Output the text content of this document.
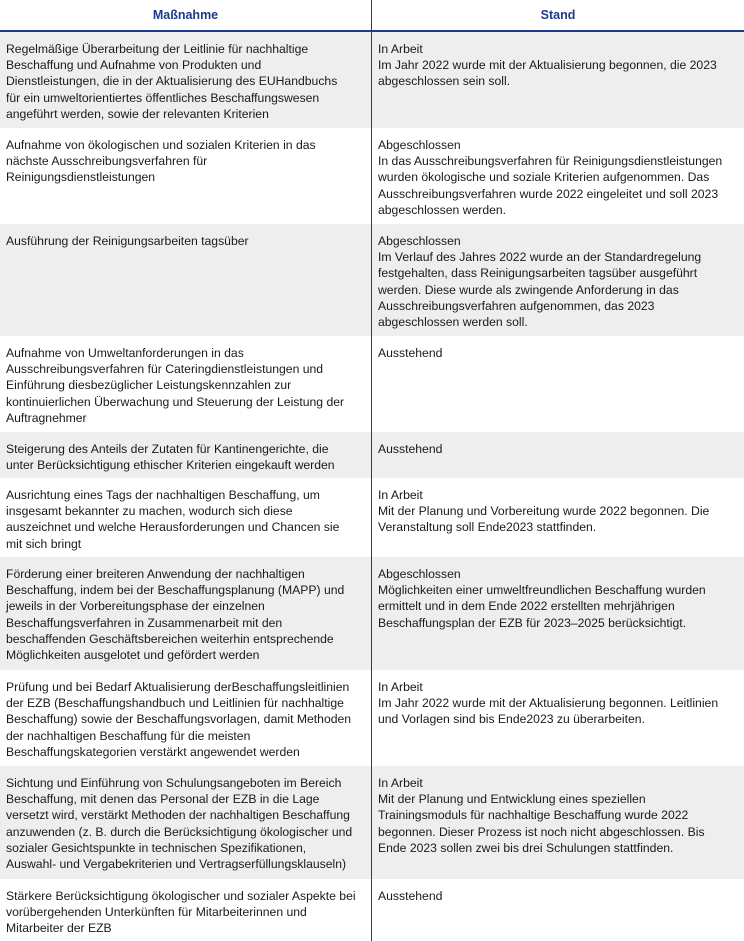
Maßnahme	Stand
Regelmäßige Überarbeitung der Leitlinie für nachhaltige
Beschaffung und Aufnahme von Produkten und
Dienstleistungen, die in der Aktualisierung des EUHandbuchs
für ein umweltorientiertes öffentliches Beschaffungswesen
angeführt werden, sowie der relevanten Kriterien
In Arbeit
Im Jahr 2022 wurde mit der Aktualisierung begonnen, die 2023
abgeschlossen sein soll.
Aufnahme von ökologischen und sozialen Kriterien in das
nächste Ausschreibungsverfahren für
Reinigungsdienstleistungen
Abgeschlossen
In das Ausschreibungsverfahren für Reinigungsdienstleistungen
wurden ökologische und soziale Kriterien aufgenommen. Das
Ausschreibungsverfahren wurde 2022 eingeleitet und soll 2023
abgeschlossen werden.
Ausführung der Reinigungsarbeiten tagsüber	Abgeschlossen
Im Verlauf des Jahres 2022 wurde an der Standardregelung
festgehalten, dass Reinigungsarbeiten tagsüber ausgeführt
werden. Diese wurde als zwingende Anforderung in das
Ausschreibungsverfahren aufgenommen, das 2023
abgeschlossen werden soll.
Aufnahme von Umweltanforderungen in das
Ausschreibungsverfahren für Cateringdienstleistungen und
Einführung diesbezüglicher Leistungskennzahlen zur
kontinuierlichen Überwachung und Steuerung der Leistung der
Auftragnehmer
Ausstehend
Steigerung des Anteils der Zutaten für Kantinengerichte, die
unter Berücksichtigung ethischer Kriterien eingekauft werden
Ausstehend
Ausrichtung eines Tags der nachhaltigen Beschaffung, um
insgesamt bekannter zu machen, wodurch sich diese
auszeichnet und welche Herausforderungen und Chancen sie
mit sich bringt
In Arbeit
Mit der Planung und Vorbereitung wurde 2022 begonnen. Die
Veranstaltung soll Ende2023 stattfinden.
Förderung einer breiteren Anwendung der nachhaltigen
Beschaffung, indem bei der Beschaffungsplanung (MAPP) und
jeweils in der Vorbereitungsphase der einzelnen
Beschaffungsverfahren in Zusammenarbeit mit den
beschaffenden Geschäftsbereichen weiterhin entsprechende
Möglichkeiten ausgelotet und gefördert werden
Abgeschlossen
Möglichkeiten einer umweltfreundlichen Beschaffung wurden
ermittelt und in dem Ende 2022 erstellten mehrjährigen
Beschaffungsplan der EZB für 2023–2025 berücksichtigt.
Prüfung und bei Bedarf Aktualisierung derBeschaffungsleitlinien
der EZB (Beschaffungshandbuch und Leitlinien für nachhaltige
Beschaffung) sowie der Beschaffungsvorlagen, damit Methoden
der nachhaltigen Beschaffung für die meisten
Beschaffungskategorien verstärkt angewendet werden
In Arbeit
Im Jahr 2022 wurde mit der Aktualisierung begonnen. Leitlinien
und Vorlagen sind bis Ende2023 zu überarbeiten.
Sichtung und Einführung von Schulungsangeboten im Bereich
Beschaffung, mit denen das Personal der EZB in die Lage
versetzt wird, verstärkt Methoden der nachhaltigen Beschaffung
anzuwenden (z. B. durch die Berücksichtigung ökologischer und
sozialer Gesichtspunkte in technischen Spezifikationen,
Auswahl- und Vergabekriterien und Vertragserfüllungsklauseln)
In Arbeit
Mit der Planung und Entwicklung eines speziellen
Trainingsmoduls für nachhaltige Beschaffung wurde 2022
begonnen. Dieser Prozess ist noch nicht abgeschlossen. Bis
Ende 2023 sollen zwei bis drei Schulungen stattfinden.
Stärkere Berücksichtigung ökologischer und sozialer Aspekte bei
vorübergehenden Unterkünften für Mitarbeiterinnen und
Mitarbeiter der EZB
Ausstehend
